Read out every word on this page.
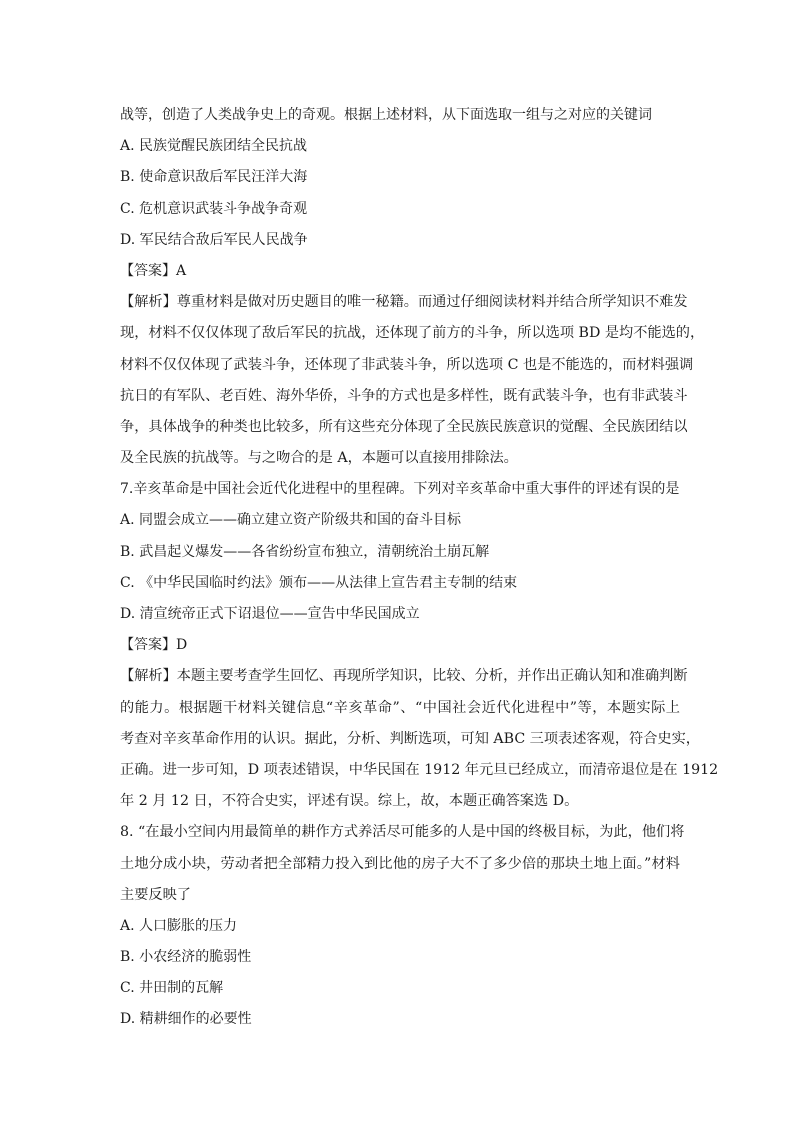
战等，创造了人类战争史上的奇观。根据上述材料，从下面选取一组与之对应的关键词
A. 民族觉醒民族团结全民抗战
B. 使命意识敌后军民汪洋大海
C. 危机意识武装斗争战争奇观
D. 军民结合敌后军民人民战争
【答案】A
【解析】尊重材料是做对历史题目的唯一秘籍。而通过仔细阅读材料并结合所学知识不难发
现，材料不仅仅体现了敌后军民的抗战，还体现了前方的斗争，所以选项 BD 是均不能选的，
材料不仅仅体现了武装斗争，还体现了非武装斗争，所以选项 C 也是不能选的，而材料强调
抗日的有军队、老百姓、海外华侨，斗争的方式也是多样性，既有武装斗争，也有非武装斗
争，具体战争的种类也比较多，所有这些充分体现了全民族民族意识的觉醒、全民族团结以
及全民族的抗战等。与之吻合的是 A，本题可以直接用排除法。
7.辛亥革命是中国社会近代化进程中的里程碑。下列对辛亥革命中重大事件的评述有误的是
A. 同盟会成立——确立建立资产阶级共和国的奋斗目标
B. 武昌起义爆发——各省纷纷宣布独立，清朝统治土崩瓦解
C. 《中华民国临时约法》颁布——从法律上宣告君主专制的结束
D. 清宣统帝正式下诏退位——宣告中华民国成立
【答案】D
【解析】本题主要考查学生回忆、再现所学知识，比较、分析，并作出正确认知和准确判断
的能力。根据题干材料关键信息“辛亥革命”、“中国社会近代化进程中”等，本题实际上
考查对辛亥革命作用的认识。据此，分析、判断选项，可知 ABC 三项表述客观，符合史实，
正确。进一步可知，D 项表述错误，中华民国在 1912 年元旦已经成立，而清帝退位是在 1912
年 2 月 12 日，不符合史实，评述有误。综上，故，本题正确答案选 D。
8. “在最小空间内用最简单的耕作方式养活尽可能多的人是中国的终极目标，为此，他们将
土地分成小块，劳动者把全部精力投入到比他的房子大不了多少倍的那块土地上面。”材料
主要反映了
A. 人口膨胀的压力
B. 小农经济的脆弱性
C. 井田制的瓦解
D. 精耕细作的必要性
